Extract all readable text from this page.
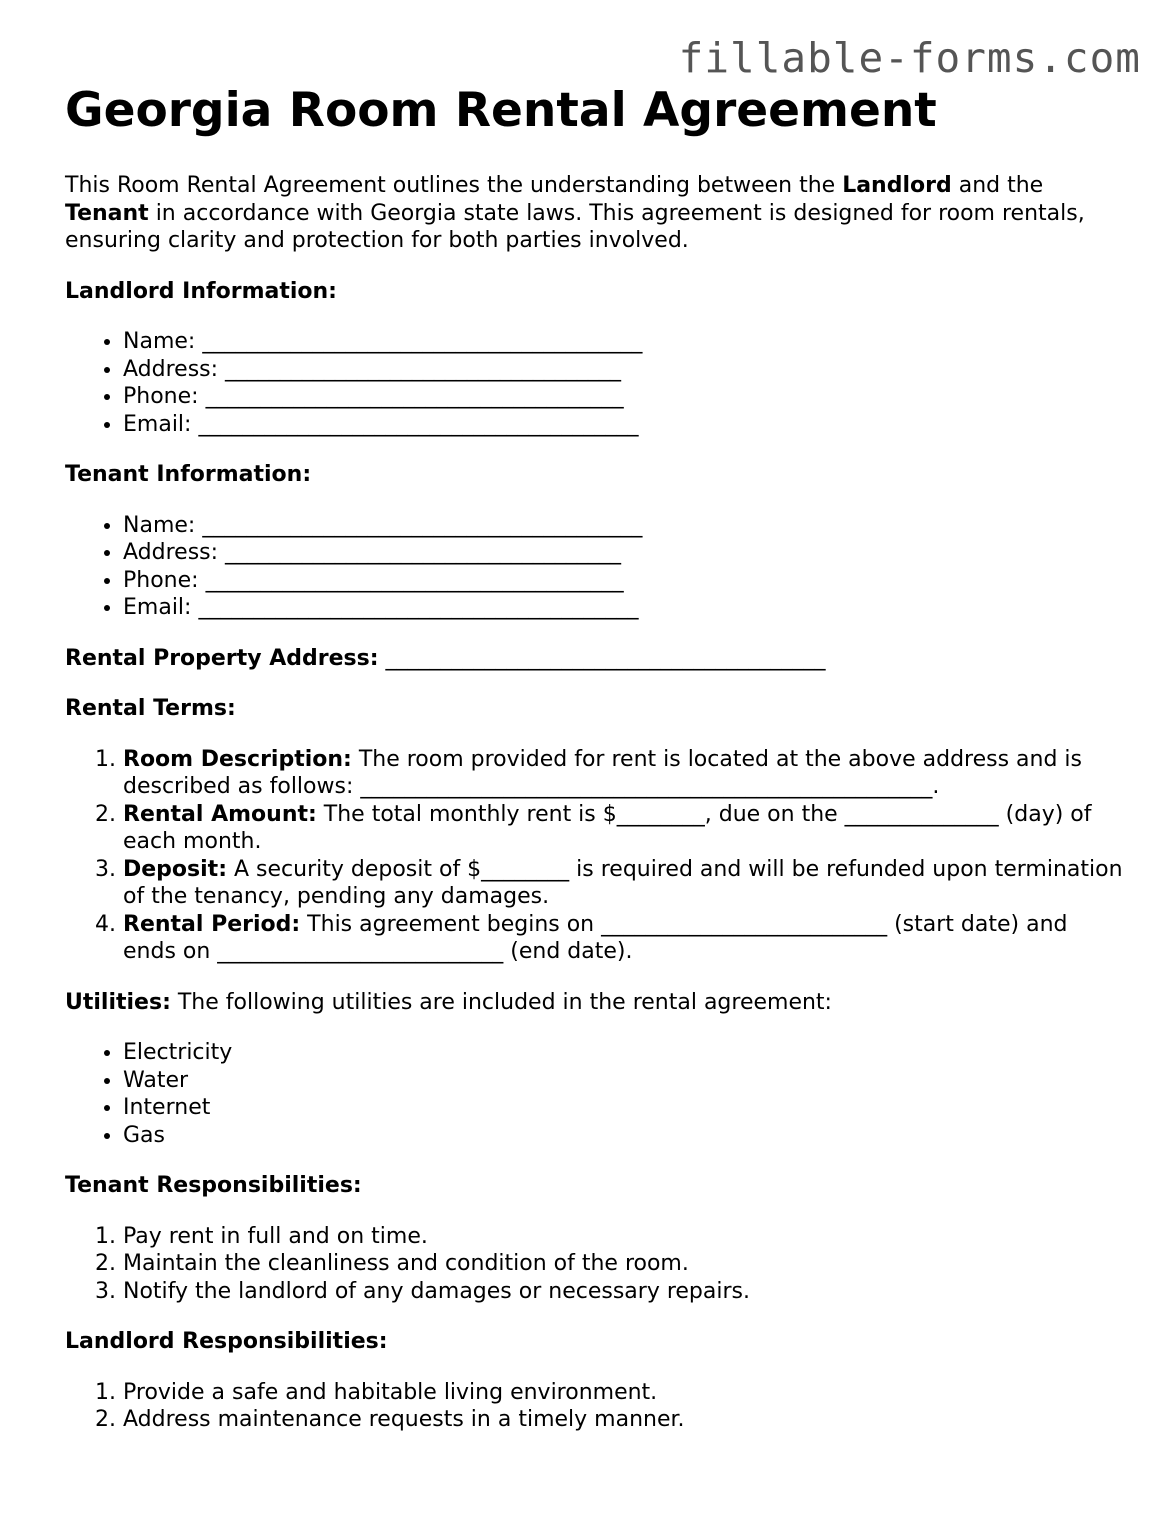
fillable-forms.com
Georgia Room Rental Agreement

This Room Rental Agreement outlines the understanding between the Landlord and the Tenant in accordance with Georgia state laws. This agreement is designed for room rentals, ensuring clarity and protection for both parties involved.

Landlord Information:
• Name: ________________________________________
• Address: ____________________________________
• Phone: ______________________________________
• Email: ________________________________________
Tenant Information:
• Name: ________________________________________
• Address: ____________________________________
• Phone: ______________________________________
• Email: ________________________________________
Rental Property Address: ________________________________________
Rental Terms:
1. Room Description: The room provided for rent is located at the above address and is described as follows: ____________________________________________________.
2. Rental Amount: The total monthly rent is $________, due on the ______________ (day) of each month.
3. Deposit: A security deposit of $________ is required and will be refunded upon termination of the tenancy, pending any damages.
4. Rental Period: This agreement begins on __________________________ (start date) and ends on __________________________ (end date).
Utilities: The following utilities are included in the rental agreement:
• Electricity
• Water
• Internet
• Gas
Tenant Responsibilities:
1. Pay rent in full and on time.
2. Maintain the cleanliness and condition of the room.
3. Notify the landlord of any damages or necessary repairs.
Landlord Responsibilities:
1. Provide a safe and habitable living environment.
2. Address maintenance requests in a timely manner.
